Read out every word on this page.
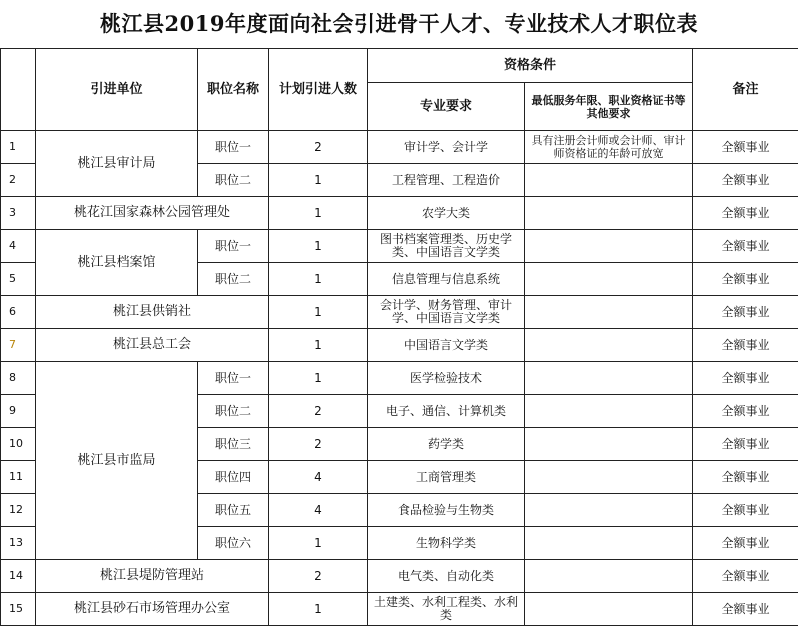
桃江县2019年度面向社会引进骨干人才、专业技术人才职位表
	引进单位	职位名称	计划引进人数	资格条件		备注
				专业要求	最低服务年限、职业资格证书等其他要求	
1	桃江县审计局	职位一	2	审计学、会计学	具有注册会计师或会计师、审计师资格证的年龄可放宽	全额事业
2		职位二	1	工程管理、工程造价		全额事业
3	桃花江国家森林公园管理处		1	农学大类		全额事业
4	桃江县档案馆	职位一	1	图书档案管理类、历史学类、中国语言文学类		全额事业
5		职位二	1	信息管理与信息系统		全额事业
6	桃江县供销社		1	会计学、财务管理、审计学、中国语言文学类		全额事业
7	桃江县总工会		1	中国语言文学类		全额事业
8	桃江县市监局	职位一	1	医学检验技术		全额事业
9		职位二	2	电子、通信、计算机类		全额事业
10		职位三	2	药学类		全额事业
11		职位四	4	工商管理类		全额事业
12		职位五	4	食品检验与生物类		全额事业
13		职位六	1	生物科学类		全额事业
14	桃江县堤防管理站		2	电气类、自动化类		全额事业
15	桃江县砂石市场管理办公室		1	土建类、水利工程类、水利类		全额事业
